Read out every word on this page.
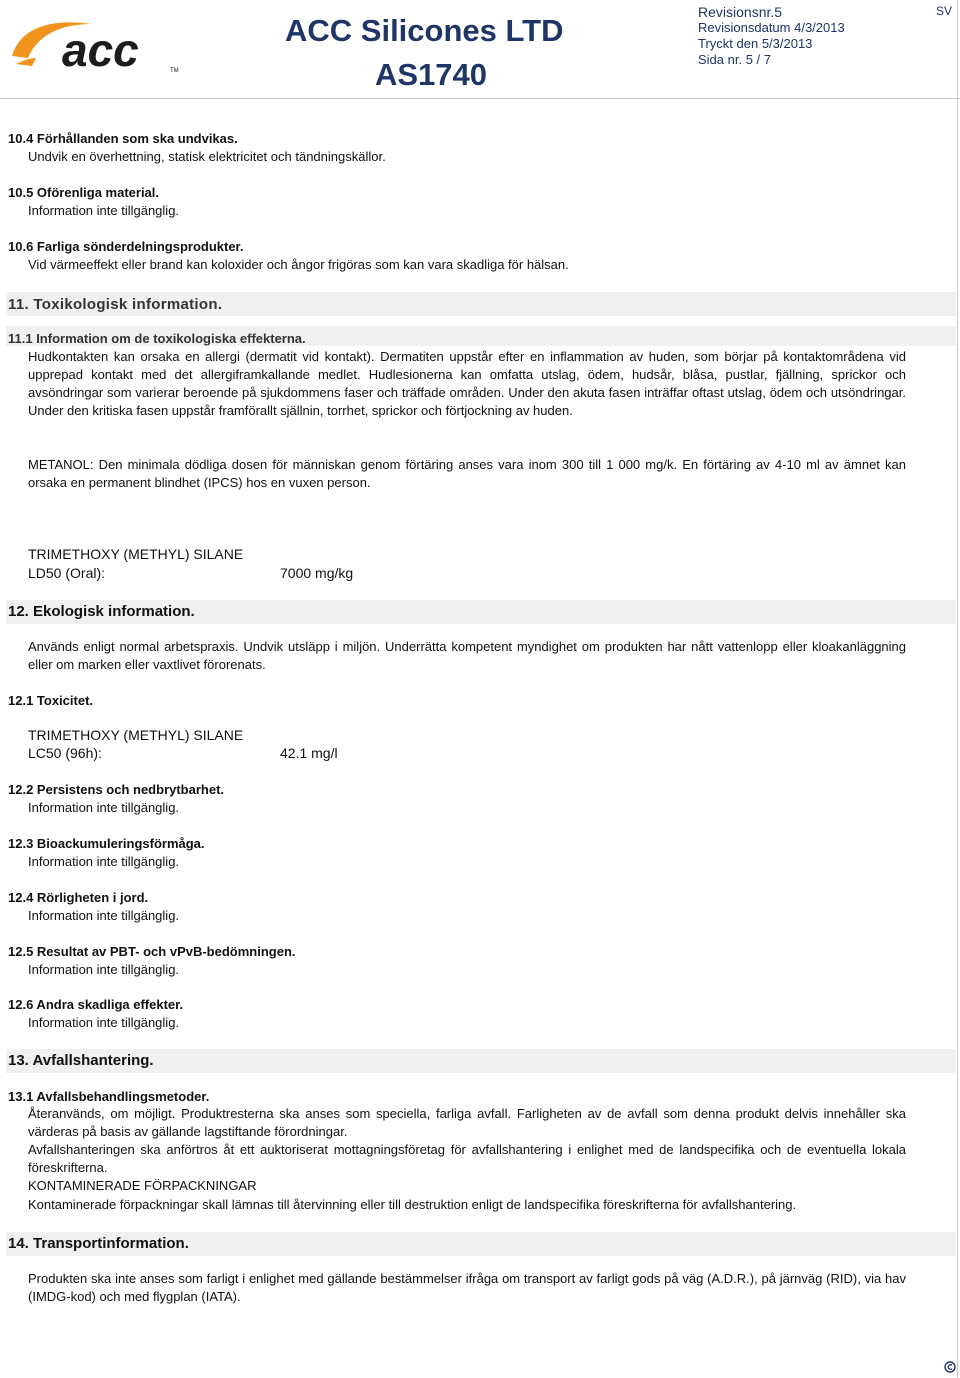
acc	TM
ACC Silicones LTD
AS1740
Revisionsnr.5
Revisionsdatum 4/3/2013
Tryckt den 5/3/2013
Sida nr. 5 / 7
SV
10.4 Förhållanden som ska undvikas.
Undvik en överhettning, statisk elektricitet och tändningskällor.
10.5 Oförenliga material.
Information inte tillgänglig.
10.6 Farliga sönderdelningsprodukter.
Vid värmeeffekt eller brand kan koloxider och ångor frigöras som kan vara skadliga för hälsan.
11. Toxikologisk information.
11.1 Information om de toxikologiska effekterna.
Hudkontakten kan orsaka en allergi (dermatit vid kontakt). Dermatiten uppstår efter en inflammation av huden, som börjar på kontaktområdena vid upprepad kontakt med det allergiframkallande medlet. Hudlesionerna kan omfatta utslag, ödem, hudsår, blåsa, pustlar, fjällning, sprickor och avsöndringar som varierar beroende på sjukdommens faser och träffade områden. Under den akuta fasen inträffar oftast utslag, ödem och utsöndringar. Under den kritiska fasen uppstår framförallt själlnin, torrhet, sprickor och förtjockning av huden.
METANOL: Den minimala dödliga dosen för människan genom förtäring anses vara inom 300 till 1 000 mg/k. En förtäring av 4-10 ml av ämnet kan orsaka en permanent blindhet (IPCS) hos en vuxen person.
TRIMETHOXY (METHYL) SILANE
LD50 (Oral):	7000 mg/kg
12. Ekologisk information.
Används enligt normal arbetspraxis. Undvik utsläpp i miljön. Underrätta kompetent myndighet om produkten har nått vattenlopp eller kloakanläggning eller om marken eller vaxtlivet förorenats.
12.1 Toxicitet.
TRIMETHOXY (METHYL) SILANE
LC50 (96h):	42.1 mg/l
12.2 Persistens och nedbrytbarhet.
Information inte tillgänglig.
12.3 Bioackumuleringsförmåga.
Information inte tillgänglig.
12.4 Rörligheten i jord.
Information inte tillgänglig.
12.5 Resultat av PBT- och vPvB-bedömningen.
Information inte tillgänglig.
12.6 Andra skadliga effekter.
Information inte tillgänglig.
13. Avfallshantering.
13.1 Avfallsbehandlingsmetoder.
Återanvänds, om möjligt. Produktresterna ska anses som speciella, farliga avfall. Farligheten av de avfall som denna produkt delvis innehåller ska värderas på basis av gällande lagstiftande förordningar.
Avfallshanteringen ska anförtros åt ett auktoriserat mottagningsföretag för avfallshantering i enlighet med de landspecifika och de eventuella lokala föreskrifterna.
KONTAMINERADE FÖRPACKNINGAR
Kontaminerade förpackningar skall lämnas till återvinning eller till destruktion enligt de landspecifika föreskrifterna för avfallshantering.
14. Transportinformation.
Produkten ska inte anses som farligt i enlighet med gällande bestämmelser ifråga om transport av farligt gods på väg (A.D.R.), på järnväg (RID), via hav (IMDG-kod) och med flygplan (IATA).
